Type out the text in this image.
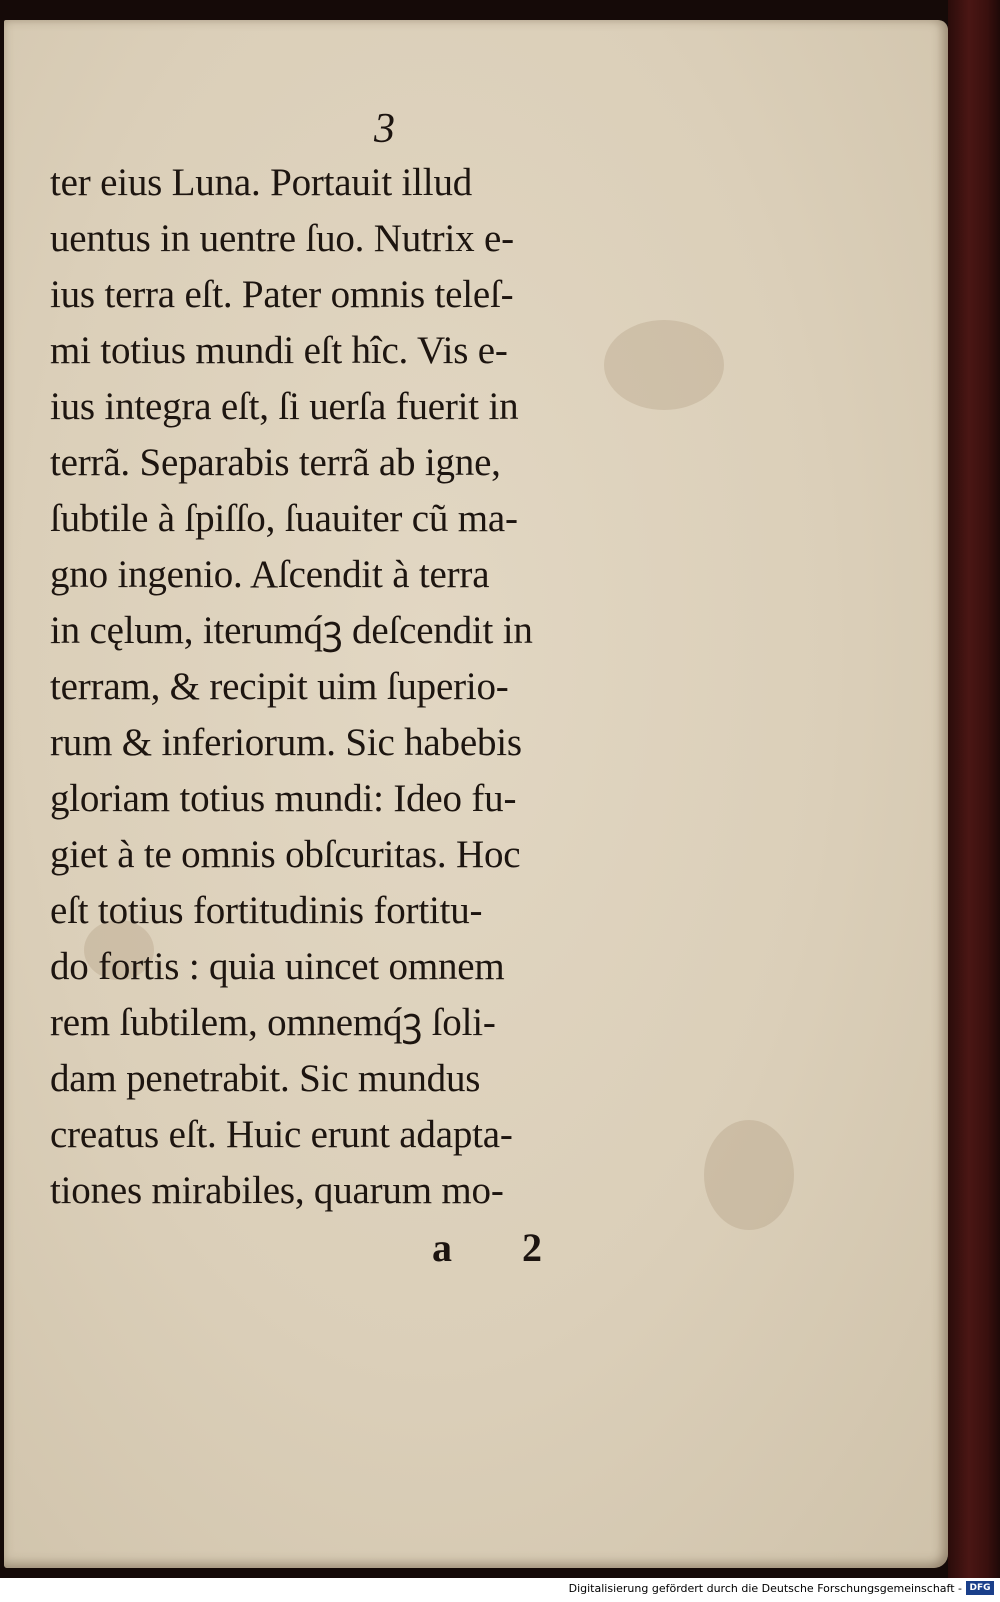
3

ter eius Luna. Portauit illud
uentus in uentre ſuo. Nutrix e-
ius terra eſt. Pater omnis teleſ-
mi totius mundi eſt hîc. Vis e-
ius integra eſt, ſi uerſa fuerit in
terrã. Separabis terrã ab igne,
ſubtile à ſpiſſo, ſuauiter cũ ma-
gno ingenio. Aſcendit à terra
in cęlum, iterumq́ꝫ deſcendit in
terram, & recipit uim ſuperio-
rum & inferiorum. Sic habebis
gloriam totius mundi: Ideo fu-
giet à te omnis obſcuritas. Hoc
eſt totius fortitudinis fortitu-
do fortis : quia uincet omnem
rem ſubtilem, omnemq́ꝫ ſoli-
dam penetrabit. Sic mundus
creatus eſt. Huic erunt adapta-
tiones mirabiles, quarum mo-

a 2

Digitalisierung gefördert durch die Deutsche Forschungsgemeinschaft - DFG
